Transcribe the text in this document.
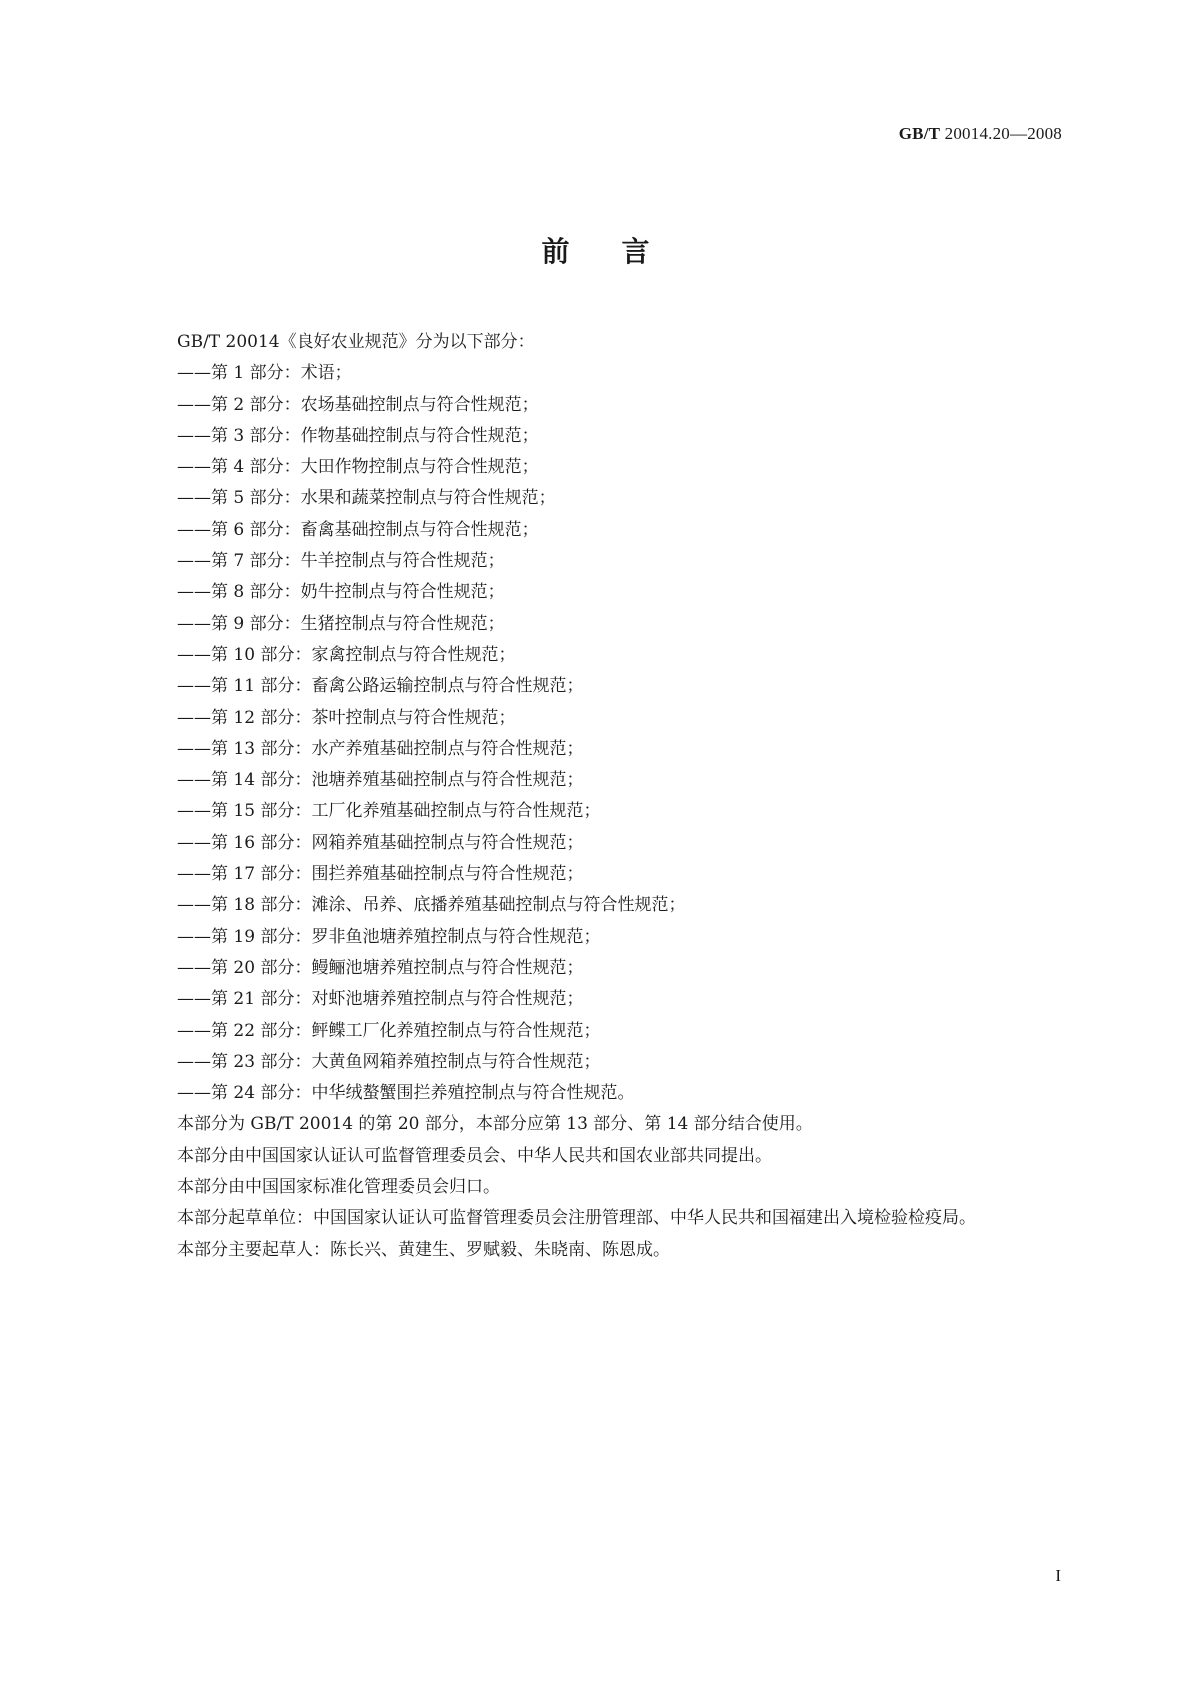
GB/T 20014.20—2008
前 言

GB/T 20014《良好农业规范》分为以下部分：

——第 1 部分：术语；

——第 2 部分：农场基础控制点与符合性规范；

——第 3 部分：作物基础控制点与符合性规范；

——第 4 部分：大田作物控制点与符合性规范；

——第 5 部分：水果和蔬菜控制点与符合性规范；

——第 6 部分：畜禽基础控制点与符合性规范；

——第 7 部分：牛羊控制点与符合性规范；

——第 8 部分：奶牛控制点与符合性规范；

——第 9 部分：生猪控制点与符合性规范；

——第 10 部分：家禽控制点与符合性规范；

——第 11 部分：畜禽公路运输控制点与符合性规范；

——第 12 部分：茶叶控制点与符合性规范；

——第 13 部分：水产养殖基础控制点与符合性规范；

——第 14 部分：池塘养殖基础控制点与符合性规范；

——第 15 部分：工厂化养殖基础控制点与符合性规范；

——第 16 部分：网箱养殖基础控制点与符合性规范；

——第 17 部分：围拦养殖基础控制点与符合性规范；

——第 18 部分：滩涂、吊养、底播养殖基础控制点与符合性规范；

——第 19 部分：罗非鱼池塘养殖控制点与符合性规范；

——第 20 部分：鳗鲡池塘养殖控制点与符合性规范；

——第 21 部分：对虾池塘养殖控制点与符合性规范；

——第 22 部分：鲆鲽工厂化养殖控制点与符合性规范；

——第 23 部分：大黄鱼网箱养殖控制点与符合性规范；

——第 24 部分：中华绒螯蟹围拦养殖控制点与符合性规范。

本部分为 GB/T 20014 的第 20 部分，本部分应第 13 部分、第 14 部分结合使用。

本部分由中国国家认证认可监督管理委员会、中华人民共和国农业部共同提出。

本部分由中国国家标准化管理委员会归口。

本部分起草单位：中国国家认证认可监督管理委员会注册管理部、中华人民共和国福建出入境检验检疫局。

本部分主要起草人：陈长兴、黄建生、罗赋毅、朱晓南、陈恩成。

I
